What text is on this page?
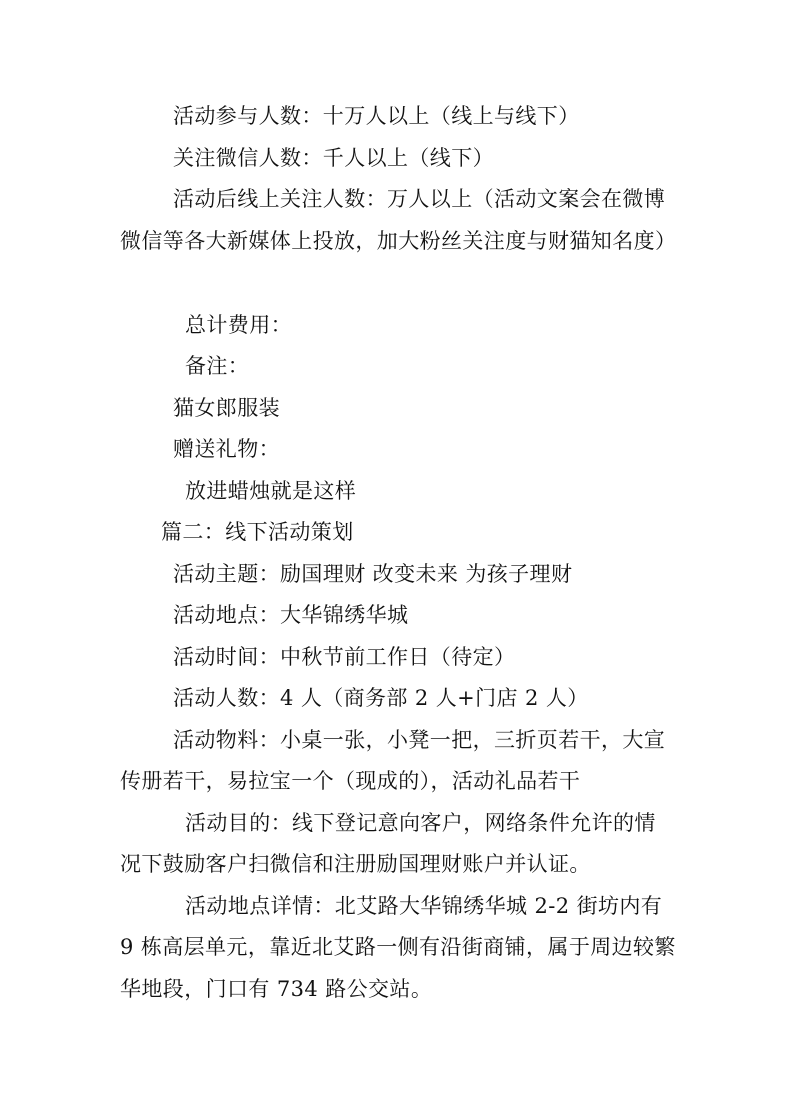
活动参与人数：十万人以上（线上与线下）
关注微信人数：千人以上（线下）
活动后线上关注人数：万人以上（活动文案会在微博
微信等各大新媒体上投放，加大粉丝关注度与财猫知名度）
总计费用：
备注：
猫女郎服装
赠送礼物：
放进蜡烛就是这样
篇二：线下活动策划
活动主题：励国理财 改变未来 为孩子理财
活动地点：大华锦绣华城
活动时间：中秋节前工作日（待定）
活动人数：4 人（商务部 2 人+门店 2 人）
活动物料：小桌一张，小凳一把，三折页若干，大宣
传册若干，易拉宝一个（现成的），活动礼品若干
活动目的：线下登记意向客户，网络条件允许的情
况下鼓励客户扫微信和注册励国理财账户并认证。
活动地点详情：北艾路大华锦绣华城 2-2 街坊内有
9 栋高层单元，靠近北艾路一侧有沿街商铺，属于周边较繁
华地段，门口有 734 路公交站。
